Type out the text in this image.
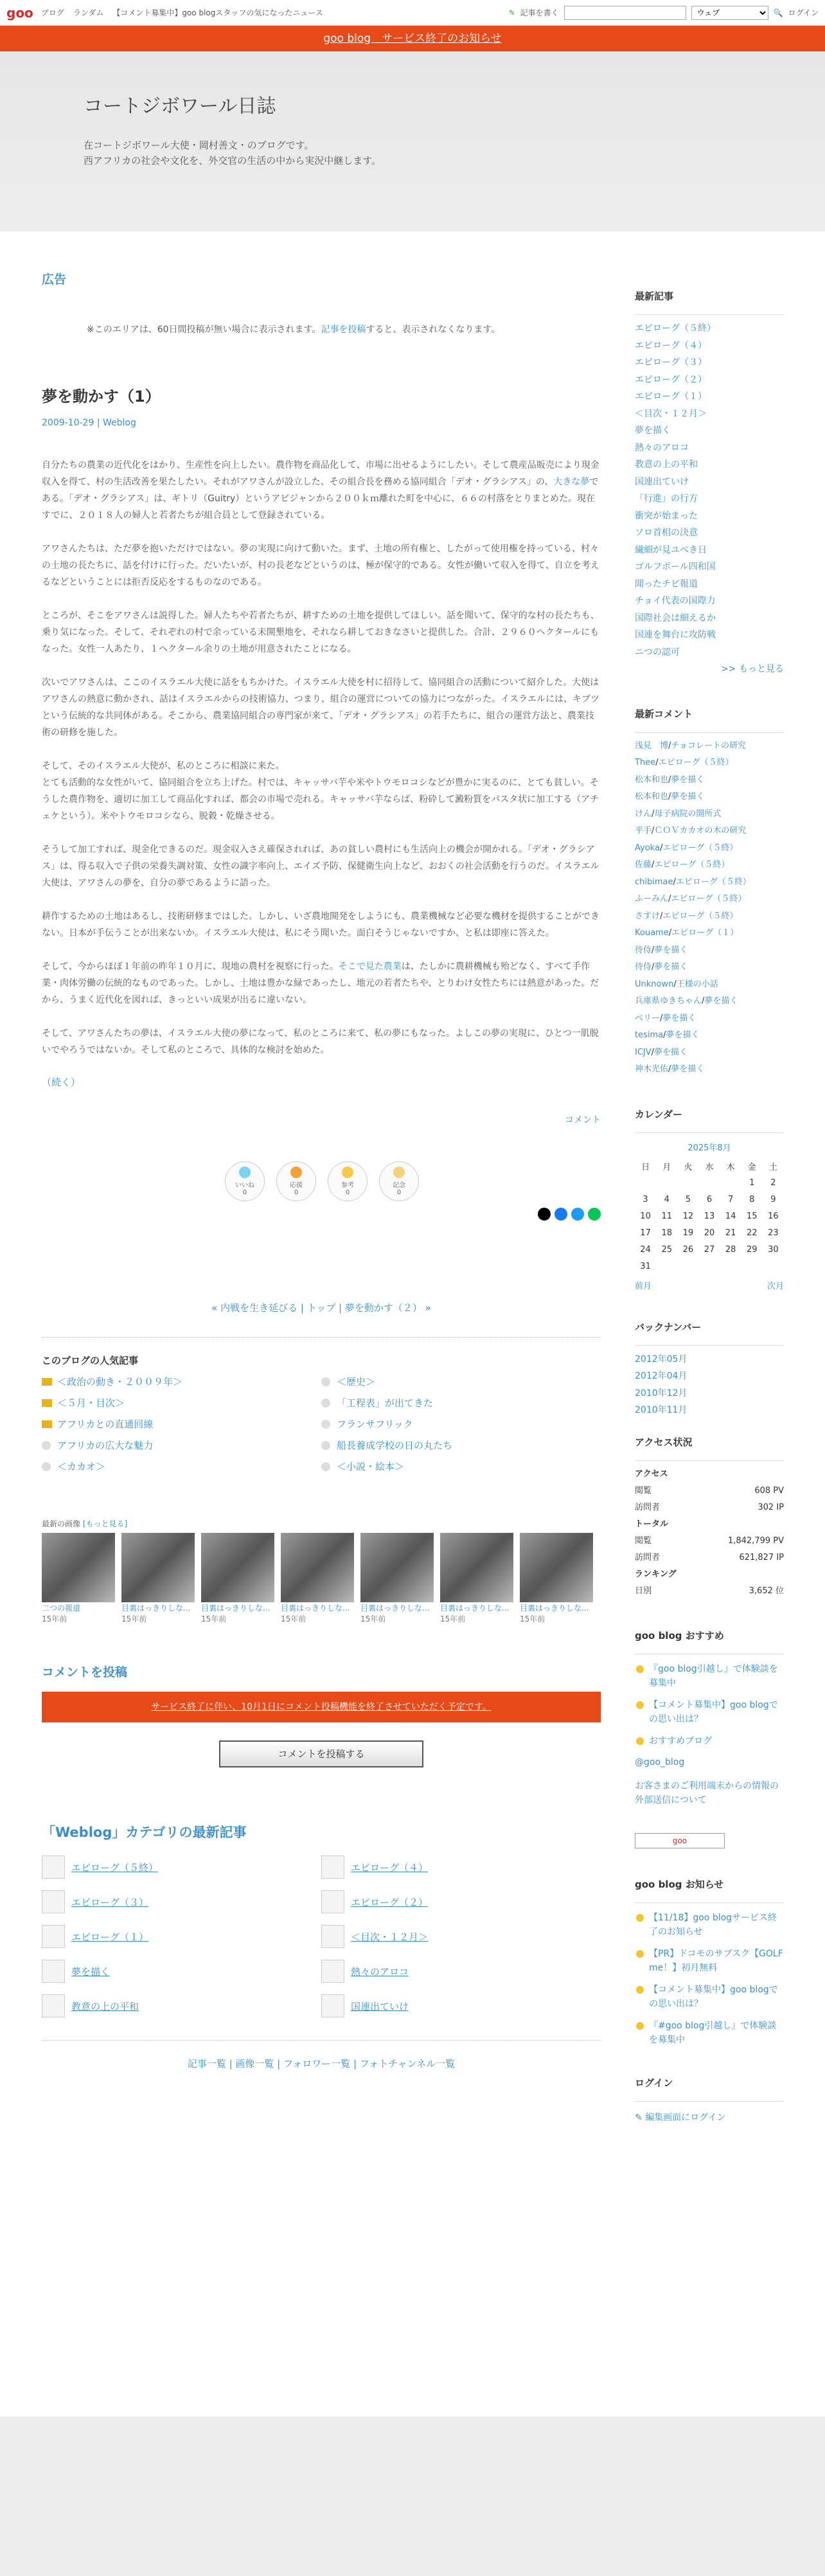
goo ブログ ランダム 【コメント募集中】goo blogスタッフの気になったニュース	✎ 記事を書く
ウェブ	🔍 ログイン
goo blog　サービス終了のお知らせ
コートジボワール日誌
在コートジボワール大使・岡村善文・のブログです。
西アフリカの社会や文化を、外交官の生活の中から実況中継します。
広告
※このエリアは、60日間投稿が無い場合に表示されます。記事を投稿すると、表示されなくなります。
夢を動かす（1）
2009-10-29 | Weblog

自分たちの農業の近代化をはかり、生産性を向上したい。農作物を商品化して、市場に出せるようにしたい。そして農産品販売により現金収入を得て、村の生活改善を果たしたい。それがアワさんが設立した、その組合長を務める協同組合「デオ・グラシアス」の、大きな夢である。「デオ・グラシアス」は、ギトリ（Guitry）というアビジャンから２００ｋｍ離れた町を中心に、６６の村落をとりまとめた。現在すでに、２０１８人の婦人と若者たちが組合員として登録されている。

アワさんたちは、ただ夢を抱いただけではない。夢の実現に向けて動いた。まず、土地の所有権と、したがって使用権を持っている、村々の土地の長たちに、話を付けに行った。だいたいが、村の長老などというのは、極が保守的である。女性が働いて収入を得て、自立を考えるなどということには拒否反応をするものなのである。

ところが、そこをアワさんは説得した。婦人たちや若者たちが、耕すための土地を提供してほしい。話を聞いて、保守的な村の長たちも、乗り気になった。そして、それぞれの村で余っている未開墾地を、それなら耕しておきなさいと提供した。合計、２９６０ヘクタールにもなった。女性一人あたり、１ヘクタール余りの土地が用意されたことになる。

次いでアワさんは、ここのイスラエル大使に話をもちかけた。イスラエル大使を村に招待して、協同組合の活動について紹介した。大使はアワさんの熱意に動かされ、話はイスラエルからの技術協力、つまり、組合の運営についての協力につながった。イスラエルには、キブツという伝統的な共同体がある。そこから、農業協同組合の専門家が来て、「デオ・グラシアス」の若手たちに、組合の運営方法と、農業技術の研修を施した。

そして、そのイスラエル大使が、私のところに相談に来た。
とても活動的な女性がいて、協同組合を立ち上げた。村では、キャッサバ芋や米やトウモロコシなどが豊かに実るのに、とても貧しい。そうした農作物を、適切に加工して商品化すれば、都会の市場で売れる。キャッサバ芋ならば、粉砕して澱粉質をパスタ状に加工する（アチェケという）。米やトウモロコシなら、脱穀・乾燥させる。

そうして加工すれば、現金化できるのだ。現金収入さえ確保されれば、あの貧しい農村にも生活向上の機会が開かれる。「デオ・グラシアス」は、得る収入で子供の栄養失調対策、女性の識字率向上、エイズ予防、保健衛生向上など、おおくの社会活動を行うのだ。イスラエル大使は、アワさんの夢を、自分の夢であるように語った。

耕作するための土地はあるし、技術研修まではした。しかし、いざ農地開発をしようにも、農業機械など必要な機材を提供することができない。日本が手伝うことが出来ないか。イスラエル大使は、私にそう聞いた。面白そうじゃないですか、と私は即座に答えた。

そして、今からほぼ１年前の昨年１０月に、現地の農村を視察に行った。そこで見た農業は、たしかに農耕機械も殆どなく、すべて手作業・肉体労働の伝統的なものであった。しかし、土地は豊かな緑であったし、地元の若者たちや、とりわけ女性たちには熱意があった。だから、うまく近代化を図れば、きっといい成果が出るに違いない。

そして、アワさんたちの夢は、イスラエル大使の夢になって、私のところに来て、私の夢にもなった。よしこの夢の実現に、ひとつ一肌脱いでやろうではないか。そして私のところで、具体的な検討を始めた。

（続く）
コメント
いいね
0
応援
0
参考
0
記念
0
« 内戦を生き延びる | トップ | 夢を動かす（２） »
このブログの人気記事
＜政治の動き・２００９年＞	＜歴史＞
＜５月・目次＞	「工程表」が出てきた
アフリカとの直通回線	フランサフリック
アフリカの広大な魅力	船長養成学校の日の丸たち
＜カカオ＞	＜小説・絵本＞
最新の画像 [もっと見る]
二つの報道
15年前
目裏はっきりしな...
15年前
目裏はっきりしな...
15年前
目裏はっきりしな...
15年前
目裏はっきりしな...
15年前
目裏はっきりしな...
15年前
目裏はっきりしな...
15年前
コメントを投稿
サービス終了に伴い、10月1日にコメント投稿機能を終了させていただく予定です。
コメントを投稿する
「Weblog」カテゴリの最新記事
エピローグ（５終）	エピローグ（４）
エピローグ（３）	エピローグ（２）
エピローグ（１）	＜目次・１２月＞
夢を描く	熱々のアロコ
教意の上の平和	国連出ていけ
記事一覧 | 画像一覧 | フォロワー一覧 | フォトチャンネル一覧
最新記事
エピローグ（５終）
エピローグ（４）
エピローグ（３）
エピローグ（２）
エピローグ（１）
＜目次・１２月＞
夢を描く
熱々のアロコ
教意の上の平和
国連出ていけ
「行進」の行方
衝突が始まった
ソロ首相の決意
繊細が見ユべき日
ゴルフボール四和国
聞ったチビ報道
チョイ代表の国際力
国際社会は細えるか
国連を舞台に攻防戦
ニつの認可
>> もっと見る
最新コメント
浅見　博/チョコレートの研究
Thee/エピローグ（５終）
松本和也/夢を描く
松本和也/夢を描く
けん/母子病院の開所式
平手/ＣＯＶカカオの木の研究
Ayoka/エピローグ（５終）
佐藤/エピローグ（５終）
chibimae/エピローグ（５終）
ふーみん/エピローグ（５終）
さすけ/エピローグ（５終）
Kouame/エピローグ（１）
待侍/夢を描く
待侍/夢を描く
Unknown/王様の小話
兵庫県ゆきちゃん/夢を描く
ベリー/夢を描く
tesima/夢を描く
ICJV/夢を描く
神木光佑/夢を描く
カレンダー
2025年8月
日	月	火	水	木	金	土
					1	2
3	4	5	6	7	8	9
10	11	12	13	14	15	16
17	18	19	20	21	22	23
24	25	26	27	28	29	30
31						
前月	次月
バックナンバー
2012年05月
2012年04月
2010年12月
2010年11月
アクセス状況
アクセス
閲覧	608 PV
訪問者	302 IP
トータル
閲覧	1,842,799 PV
訪問者	621,827 IP
ランキング
日別	3,652 位
goo blog おすすめ
『goo blog引越し』で体験談を募集中
【コメント募集中】goo blogでの思い出は？
おすすめブログ
@goo_blog
お客さまのご利用端末からの情報の外部送信について
goo
goo blog お知らせ
【11/18】goo blogサービス終了のお知らせ
【PR】ドコモのサブスク【GOLF me！】初月無料
【コメント募集中】goo blogでの思い出は？
『#goo blog引越し』で体験談を募集中
ログイン
✎ 編集画面にログイン
